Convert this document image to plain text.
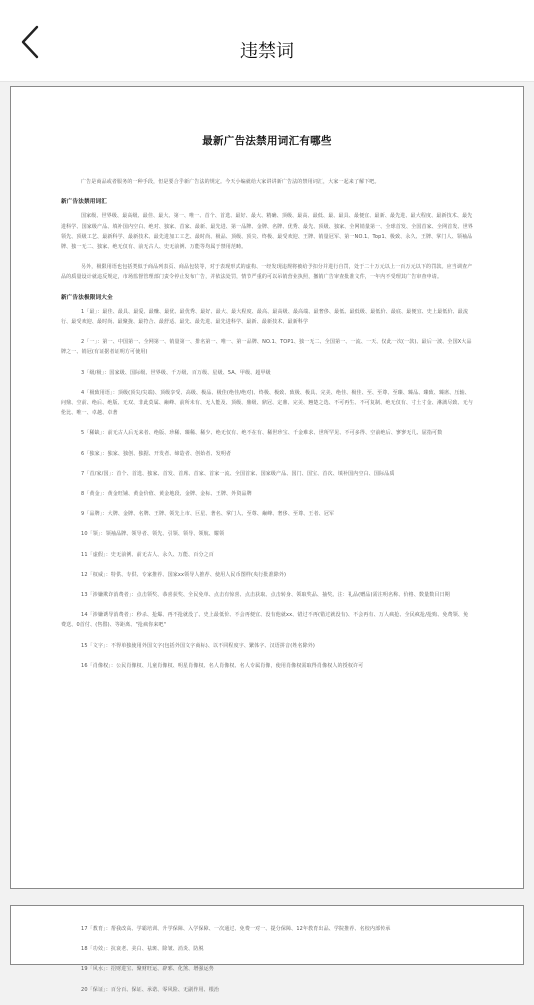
违禁词
最新广告法禁用词汇有哪些
广告是商品或者服务的一种手段，但是要合乎新广告法的规定。今天小编就给大家讲讲新广告法的禁用词汇，大家一起来了解下吧。
新广告法禁用词汇
国家级、世界级、最高级、最佳、最大、第一、唯一、首个、首选、最好、最大、精确、顶级、最高、最低、最、最具、最便宜、最新、最先进、最大程度、最新技术、最先进科学、国家级产品、填补国内空白、绝对、独家、首家、最新、最先进、第一品牌、金牌、名牌、优秀、最先、顶级、独家、全网销量第一、全球首发、全国首家、全网首发、世界领先、顶级工艺、最新科学、最新技术、最先进加工工艺、最时尚、极品、顶级、顶尖、终极、最受欢迎、王牌、销量冠军、第一NO.1、Top1、极致、永久、王牌、掌门人、领袖品牌、独一无二、独家、绝无仅有、前无古人、史无前例、万能等均属于禁用范畴。
另外，极限用语也包括类似于商品列表页、商品包装等，对于表现形式的虚构、一经发现违规将被给予扣分并进行自罚，处于二十万元以上一百万元以下的罚款。应当调查产品的质量设计就违反规定，市场监督管理部门责令停止发布广告，并依法处罚，情节严重的可以吊销营业执照，撤销广告审查批准文件，一年内不受理其广告审查申请。
新广告法极限词大全
1「最」：最佳、最具、最爱、最赚、最优、最优秀、最好、最大、最大程度、最高、最高级、最高端、最奢侈、最低、最低级、最低价、最底、最便宜、史上最低价、最流行、最受欢迎、最时尚、最聚拢、最符合、最舒适、最先、最先进、最先进科学、最新、最新技术、最新科学
2「一」：第一、中国第一、全网第一、销量第一、排名第一、唯一、第一品牌、NO.1、TOP1、独一无二、全国第一、一流、一天、仅此一次(一款)、最后一波、全国X大品牌之一、销冠(有证据者证明方可使用)
3「级/极」：国家级、国际级、世界级、千万级、百万级、星级、5A、甲级、超甲级
4「极致用语」：顶级(顶尖/尖端)、顶级享受、高级、极品、极佳(绝佳/绝对)、终极、极致、致极、极具、完美、绝佳、极佳、至、至尊、至臻、臻品、臻致、臻席、压轴、问鼎、空前、绝后、绝版、无双、非此莫属、巅峰、前所未有、无人能及、顶级、鼎级、鼎冠、定鼎、完美、翘楚之选、不可再生、不可复制、绝无仅有、寸土寸金、淋漓尽致、无与伦比、唯一、卓越、卓著
5「稀缺」：前无古人后无来者、绝版、珍稀、臻稀、稀少、绝无仅有、绝不在有、稀世珍宝、千金难求、世所罕见、不可多得、空前绝后、寥寥无几、屈指可数
6「独家」：独家、独创、独据、开发者、缔造者、创始者、发明者
7「首/家/国」：首个、首选、独家、首发、首席、首家、首家一流、全国首家、国家级产品、国门、国宝、首次、填补国内空白、国际品质
8「黄金」：黄金旺铺、黄金价值、黄金地段、金牌、金标、王牌、外资品牌
9「品牌」：大牌、金牌、名牌、王牌、领先上市、巨星、著名、掌门人、至尊、巅峰、奢侈、至尊、王者、冠军
10「领」：领袖品牌、领导者、领先、引领、领导、领航、耀领
11「虚假」：史无前例、前无古人、永久、万能、百分之百
12「权威」：特供、专供、专家推荐、国家xx领导人推荐、使用人民币图样(央行批准除外)
13「涉嫌欺诈消费者」：点击领奖、恭喜获奖、全民免单、点击有惊喜、点击获取、点击转身、领取奖品、抽奖。注：礼品(赠品)需注明名称、价格、数量数目日期
14「涉嫌诱导消费者」：秒杀、抢爆、再不抢就没了、史上最低价、不会再便宜、没有他就xx、错过不再(错过就没有)、不会再有、万人疯抢、全民疯抢/抢购、免费领、免费送、0首付、(售罄)、等距离、"抢疯你来吧"
15「文字」：不得单独使用外国文字(包括外国文字商标)、以不同程度字、繁体字、汉语拼音(姓名除外)
16「肖像权」：公民肖像权、儿童肖像权、明星肖像权、名人肖像权、名人专属肖像，使用肖像权需取得肖像权人的授权许可
17「教育」：帮我改高、学霸培训、升学保障、入学保障、一次通过、免费一对一、提分保障、12年教育出品、学院推荐、名校内部传承
18「功效」：抗衰老、美白、祛斑、除皱、消炎、防脱
19「风水」：招财进宝、聚财旺运、辟邪、化煞、增强运势
20「保证」：百分百、保证、承诺、零风险、无副作用、根治
